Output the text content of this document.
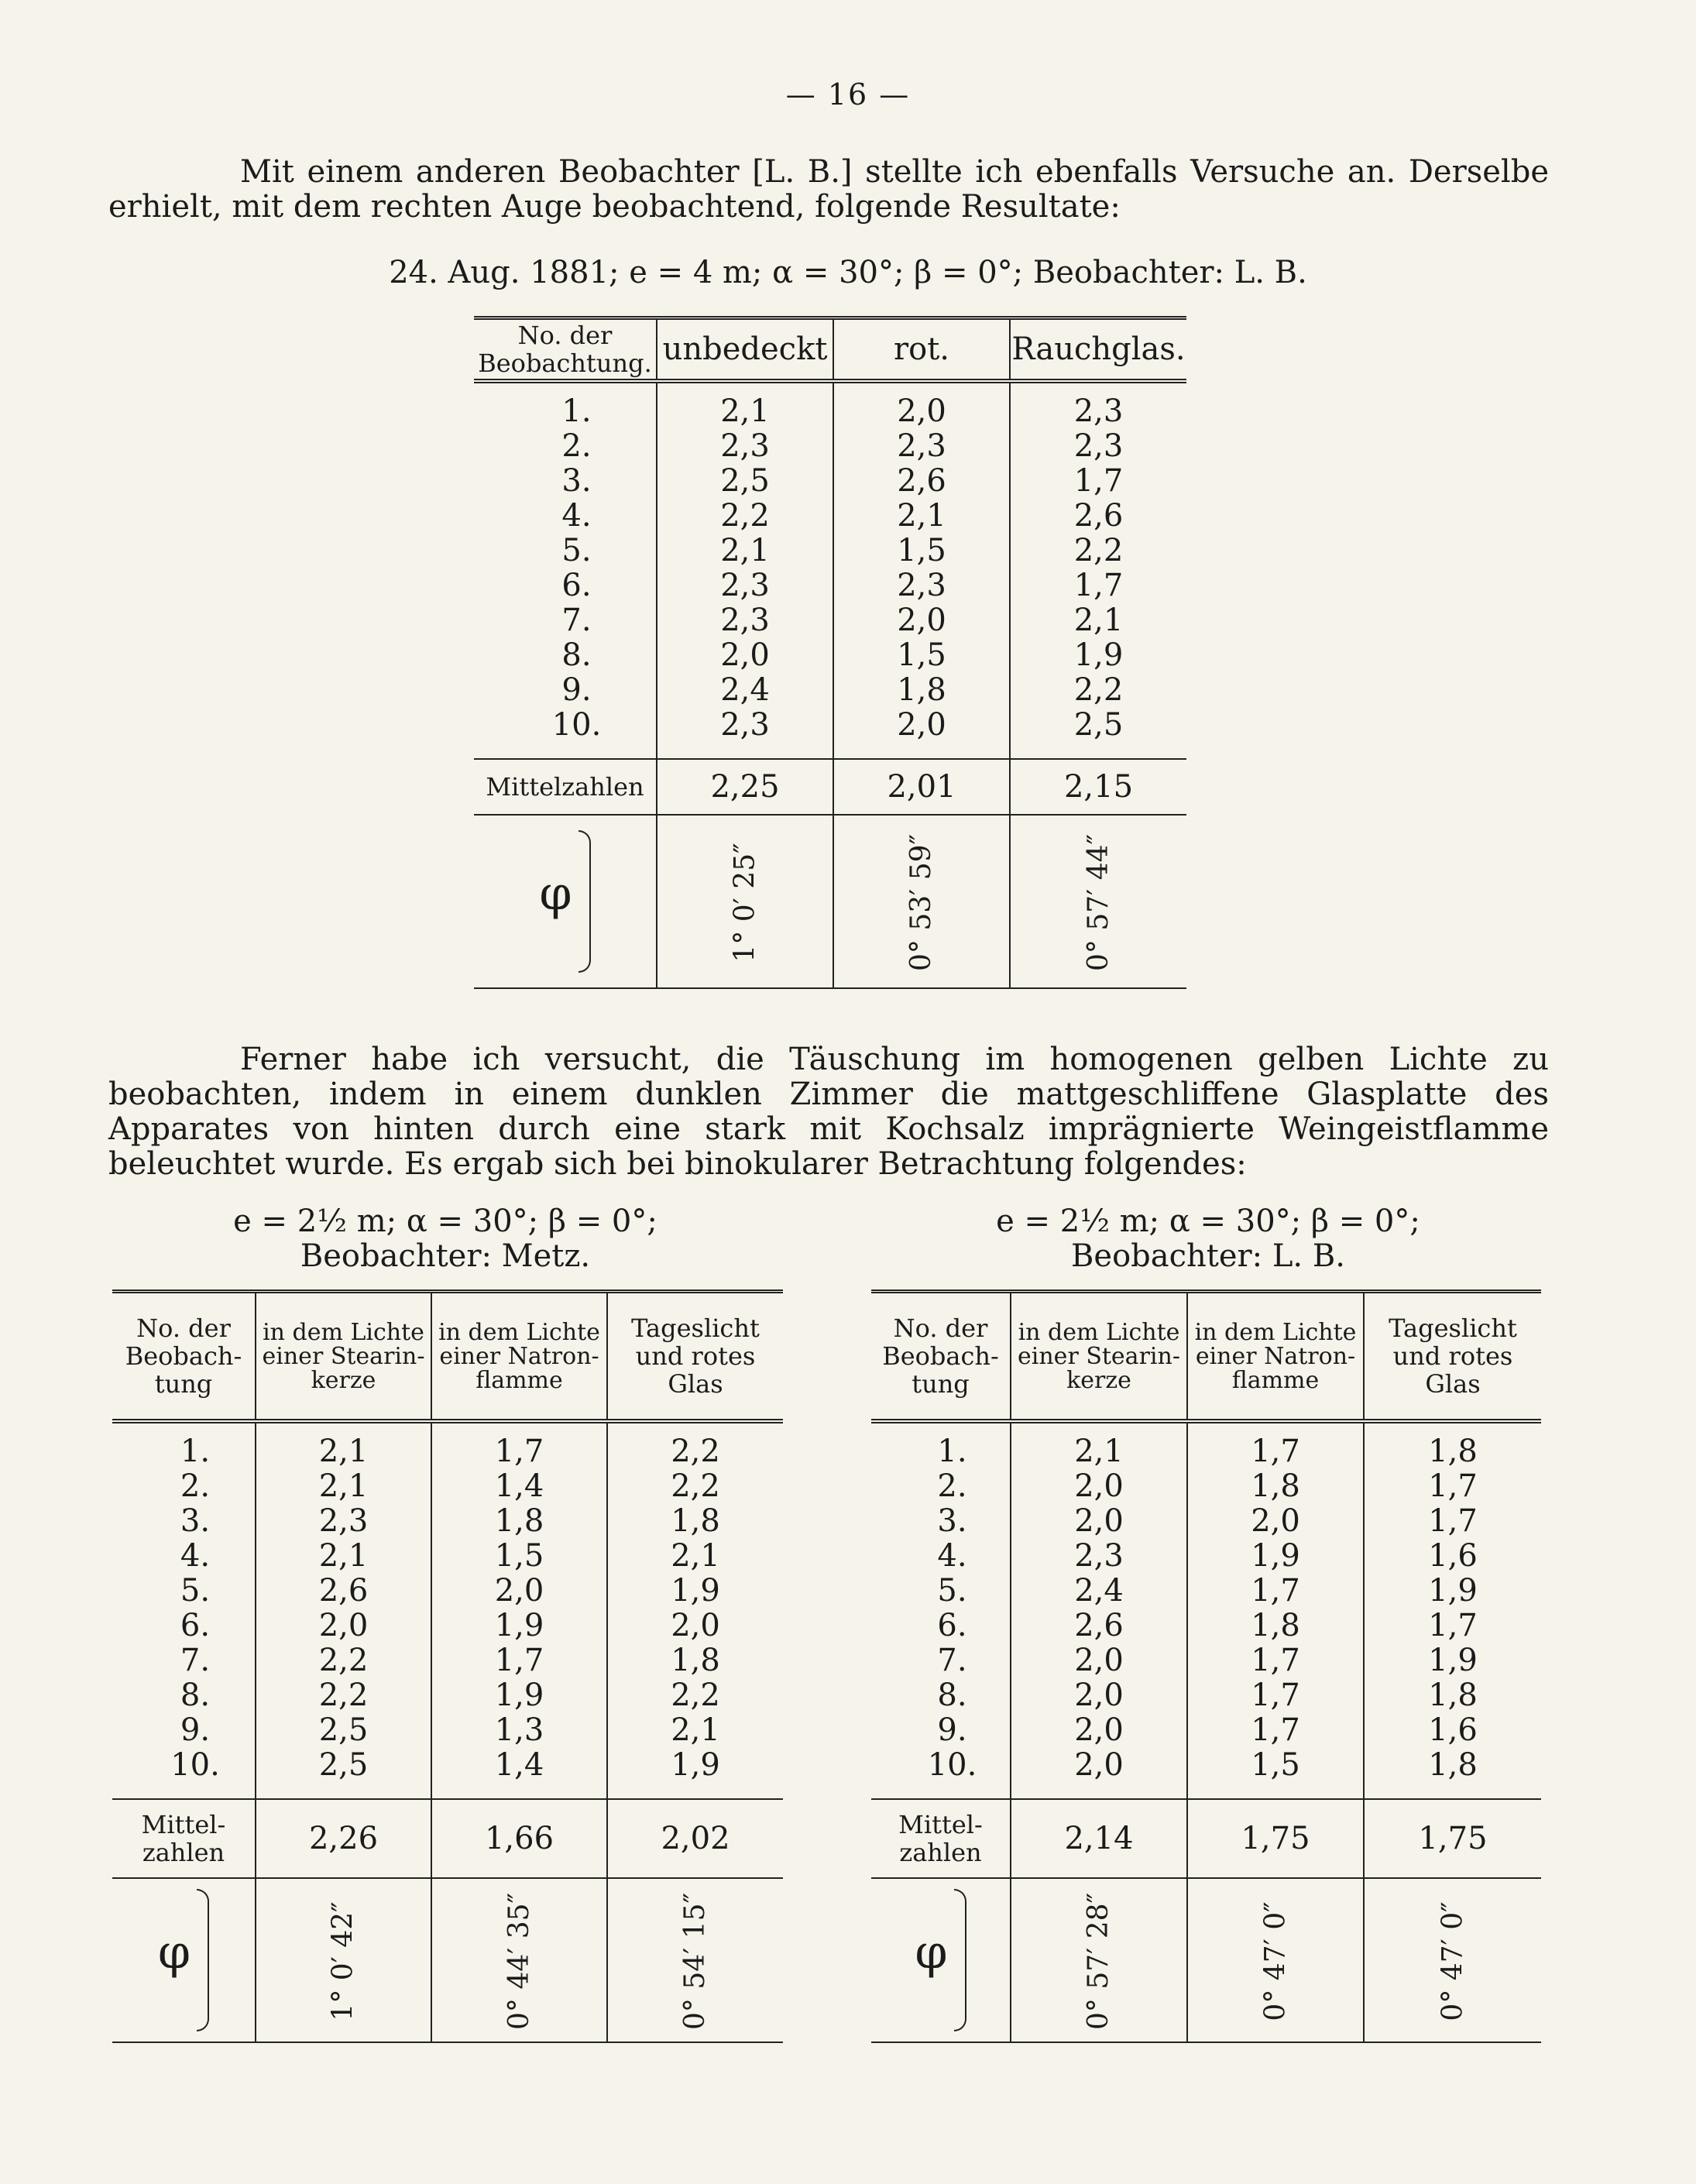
— 16 —

Mit einem anderen Beobachter [L. B.] stellte ich ebenfalls Versuche an. Derselbe erhielt, mit dem rechten Auge beobachtend, folgende Resultate:

24. Aug. 1881; e = 4 m; α = 30°; β = 0°; Beobachter: L. B.
No. der Beobachtung.	unbedeckt	rot.	Rauchglas.
1.	2,1	2,0	2,3
2.	2,3	2,3	2,3
3.	2,5	2,6	1,7
4.	2,2	2,1	2,6
5.	2,1	1,5	2,2
6.	2,3	2,3	1,7
7.	2,3	2,0	2,1
8.	2,0	1,5	1,9
9.	2,4	1,8	2,2
10.	2,3	2,0	2,5
Mittelzahlen	2,25	2,01	2,15
φ	1° 0′ 25″	0° 53′ 59″	0° 57′ 44″

Ferner habe ich versucht, die Täuschung im homogenen gelben Lichte zu beobachten, indem in einem dunklen Zimmer die mattgeschliffene Glasplatte des Apparates von hinten durch eine stark mit Kochsalz imprägnierte Weingeistflamme beleuchtet wurde. Es ergab sich bei binokularer Betrachtung folgendes:

e = 2½ m; α = 30°; β = 0°;
Beobachter: Metz.
e = 2½ m; α = 30°; β = 0°;
Beobachter: L. B.
No. der Beobach-tung	in dem Lichte einer Stearin-kerze	in dem Lichte einer Natron-flamme	Tageslicht und rotes Glas
1.	2,1	1,7	2,2
2.	2,1	1,4	2,2
3.	2,3	1,8	1,8
4.	2,1	1,5	2,1
5.	2,6	2,0	1,9
6.	2,0	1,9	2,0
7.	2,2	1,7	1,8
8.	2,2	1,9	2,2
9.	2,5	1,3	2,1
10.	2,5	1,4	1,9
Mittel-zahlen	2,26	1,66	2,02
φ	1° 0′ 42″	0° 44′ 35″	0° 54′ 15″
No. der Beobach-tung	in dem Lichte einer Stearin-kerze	in dem Lichte einer Natron-flamme	Tageslicht und rotes Glas
1.	2,1	1,7	1,8
2.	2,0	1,8	1,7
3.	2,0	2,0	1,7
4.	2,3	1,9	1,6
5.	2,4	1,7	1,9
6.	2,6	1,8	1,7
7.	2,0	1,7	1,9
8.	2,0	1,7	1,8
9.	2,0	1,7	1,6
10.	2,0	1,5	1,8
Mittel-zahlen	2,14	1,75	1,75
φ	0° 57′ 28″	0° 47′ 0″	0° 47′ 0″
